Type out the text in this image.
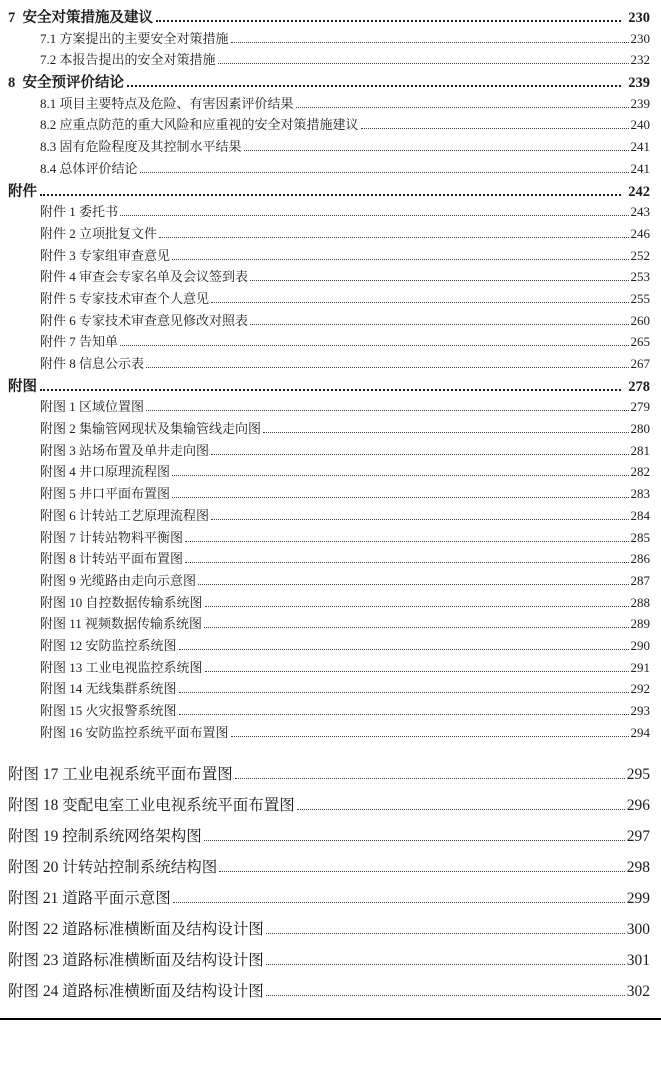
7  安全对策措施及建议	230
7.1 方案提出的主要安全对策措施	230
7.2 本报告提出的安全对策措施	232
8  安全预评价结论	239
8.1 项目主要特点及危险、有害因素评价结果	239
8.2 应重点防范的重大风险和应重视的安全对策措施建议	240
8.3 固有危险程度及其控制水平结果	241
8.4 总体评价结论	241
附件	242
附件 1 委托书	243
附件 2 立项批复文件	246
附件 3 专家组审查意见	252
附件 4 审查会专家名单及会议签到表	253
附件 5 专家技术审查个人意见	255
附件 6 专家技术审查意见修改对照表	260
附件 7 告知单	265
附件 8 信息公示表	267
附图	278
附图 1 区域位置图	279
附图 2 集输管网现状及集输管线走向图	280
附图 3 站场布置及单井走向图	281
附图 4 井口原理流程图	282
附图 5 井口平面布置图	283
附图 6 计转站工艺原理流程图	284
附图 7 计转站物料平衡图	285
附图 8 计转站平面布置图	286
附图 9 光缆路由走向示意图	287
附图 10 自控数据传输系统图	288
附图 11 视频数据传输系统图	289
附图 12 安防监控系统图	290
附图 13 工业电视监控系统图	291
附图 14 无线集群系统图	292
附图 15 火灾报警系统图	293
附图 16 安防监控系统平面布置图	294
附图 17 工业电视系统平面布置图	295
附图 18 变配电室工业电视系统平面布置图	296
附图 19 控制系统网络架构图	297
附图 20 计转站控制系统结构图	298
附图 21 道路平面示意图	299
附图 22 道路标准横断面及结构设计图	300
附图 23 道路标准横断面及结构设计图	301
附图 24 道路标准横断面及结构设计图	302
